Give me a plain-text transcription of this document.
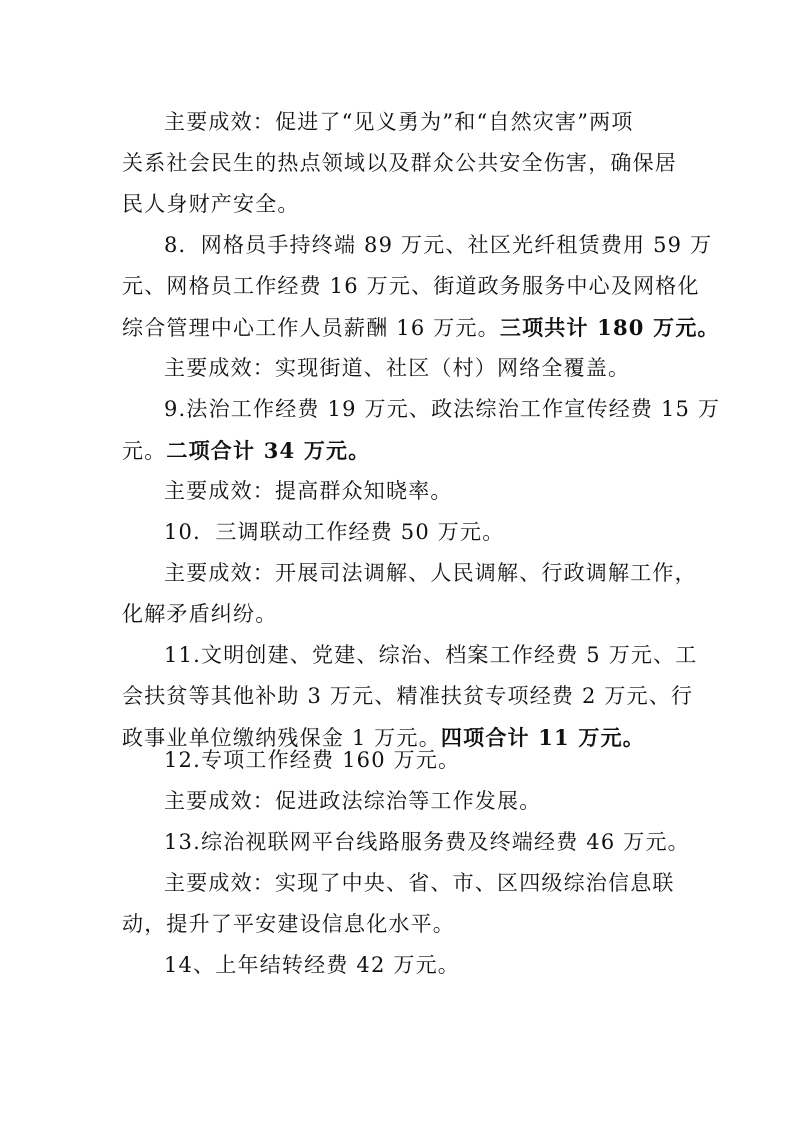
主要成效：促进了“见义勇为”和“自然灾害”两项
关系社会民生的热点领域以及群众公共安全伤害，确保居
民人身财产安全。
8．网格员手持终端 89 万元、社区光纤租赁费用 59 万
元、网格员工作经费 16 万元、街道政务服务中心及网格化
综合管理中心工作人员薪酬 16 万元。三项共计 180 万元。
主要成效：实现街道、社区（村）网络全覆盖。
9.法治工作经费 19 万元、政法综治工作宣传经费 15 万
元。二项合计 34 万元。
主要成效：提高群众知晓率。
10．三调联动工作经费 50 万元。
主要成效：开展司法调解、人民调解、行政调解工作，
化解矛盾纠纷。
11.文明创建、党建、综治、档案工作经费 5 万元、工
会扶贫等其他补助 3 万元、精准扶贫专项经费 2 万元、行
政事业单位缴纳残保金 1 万元。四项合计 11 万元。
12.专项工作经费 160 万元。
主要成效：促进政法综治等工作发展。
13.综治视联网平台线路服务费及终端经费 46 万元。
主要成效：实现了中央、省、市、区四级综治信息联
动，提升了平安建设信息化水平。
14、上年结转经费 42 万元。
